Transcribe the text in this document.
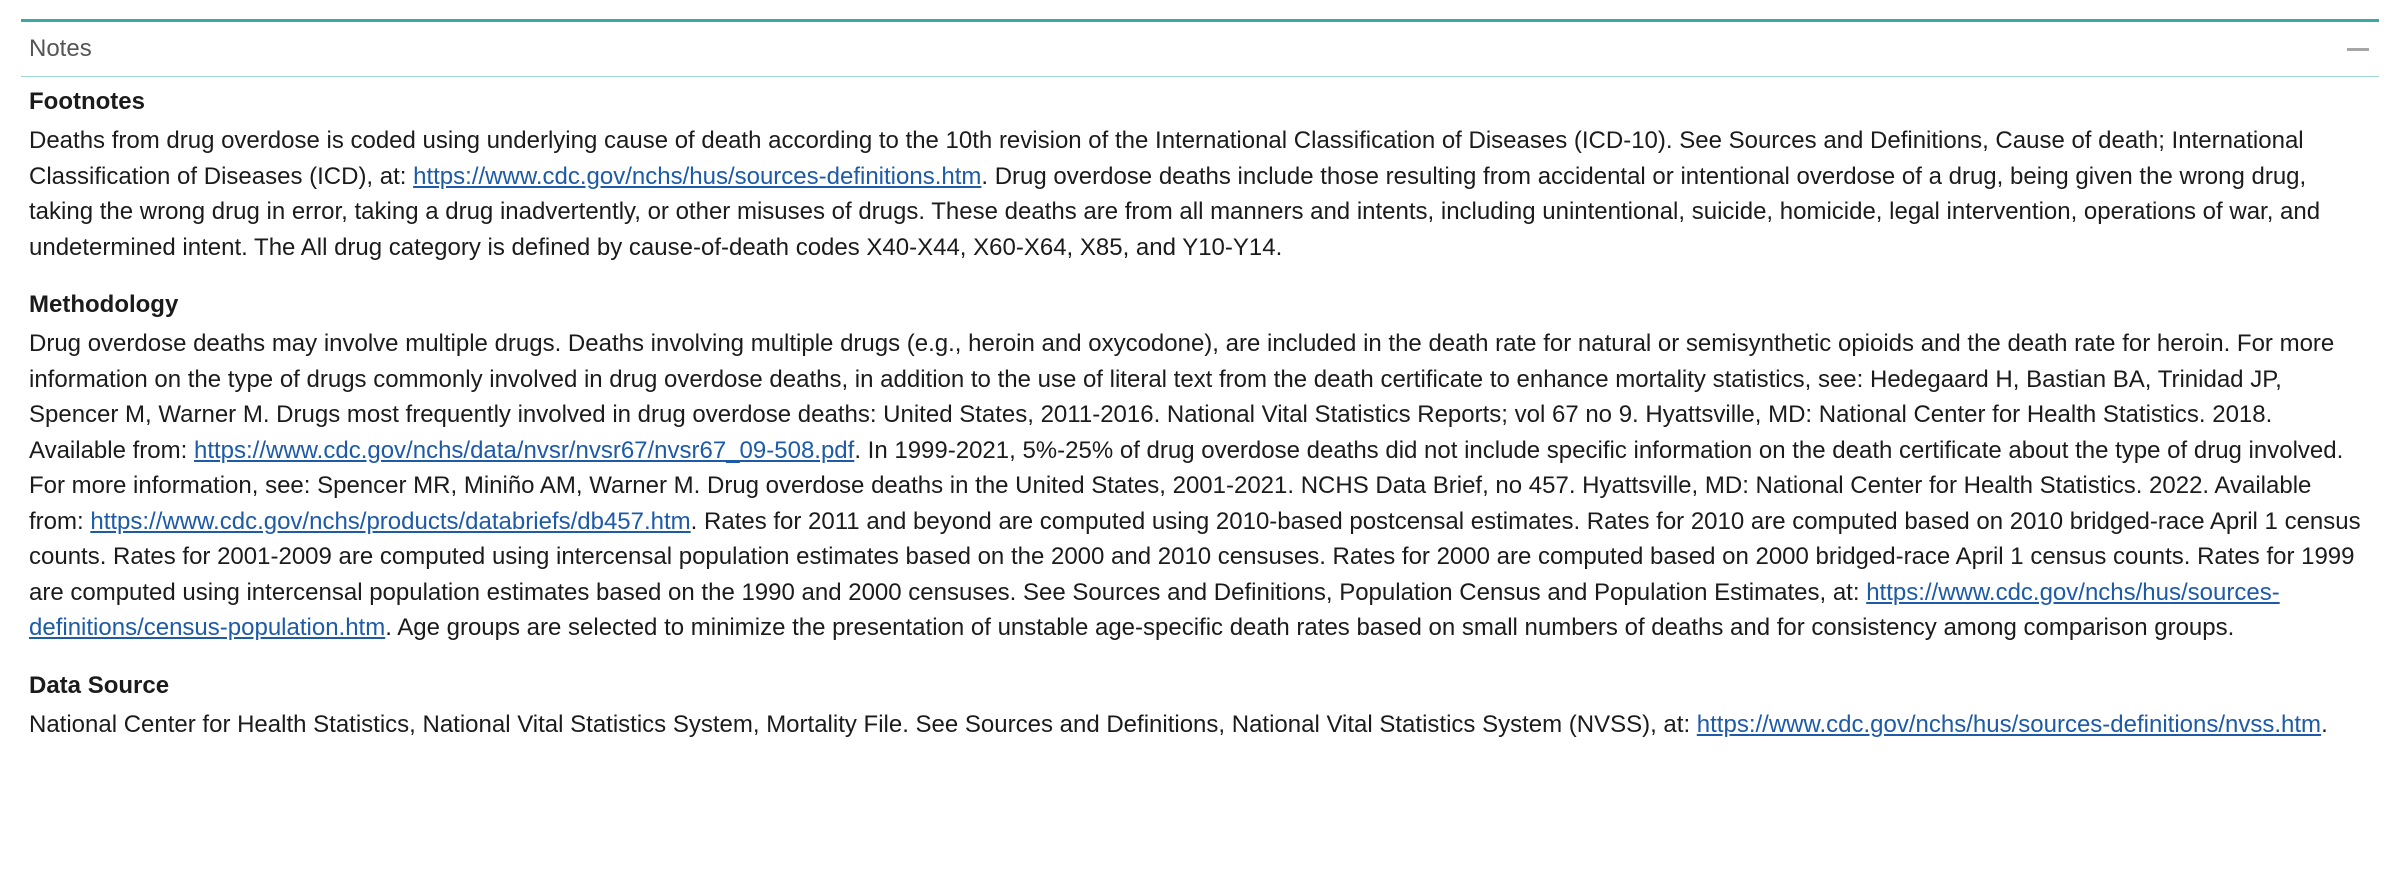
Notes
Footnotes

Deaths from drug overdose is coded using underlying cause of death according to the 10th revision of the International Classification of Diseases (ICD-10). See Sources and Definitions, Cause of death; International Classification of Diseases (ICD), at: https://www.cdc.gov/nchs/hus/sources-definitions.htm. Drug overdose deaths include those resulting from accidental or intentional overdose of a drug, being given the wrong drug, taking the wrong drug in error, taking a drug inadvertently, or other misuses of drugs. These deaths are from all manners and intents, including unintentional, suicide, homicide, legal intervention, operations of war, and undetermined intent. The All drug category is defined by cause-of-death codes X40-X44, X60-X64, X85, and Y10-Y14.

Methodology

Drug overdose deaths may involve multiple drugs. Deaths involving multiple drugs (e.g., heroin and oxycodone), are included in the death rate for natural or semisynthetic opioids and the death rate for heroin. For more information on the type of drugs commonly involved in drug overdose deaths, in addition to the use of literal text from the death certificate to enhance mortality statistics, see: Hedegaard H, Bastian BA, Trinidad JP, Spencer M, Warner M. Drugs most frequently involved in drug overdose deaths: United States, 2011-2016. National Vital Statistics Reports; vol 67 no 9. Hyattsville, MD: National Center for Health Statistics. 2018. Available from: https://www.cdc.gov/nchs/data/nvsr/nvsr67/nvsr67_09-508.pdf. In 1999-2021, 5%-25% of drug overdose deaths did not include specific information on the death certificate about the type of drug involved. For more information, see: Spencer MR, Miniño AM, Warner M. Drug overdose deaths in the United States, 2001-2021. NCHS Data Brief, no 457. Hyattsville, MD: National Center for Health Statistics. 2022. Available from: https://www.cdc.gov/nchs/products/databriefs/db457.htm. Rates for 2011 and beyond are computed using 2010-based postcensal estimates. Rates for 2010 are computed based on 2010 bridged-race April 1 census counts. Rates for 2001-2009 are computed using intercensal population estimates based on the 2000 and 2010 censuses. Rates for 2000 are computed based on 2000 bridged-race April 1 census counts. Rates for 1999 are computed using intercensal population estimates based on the 1990 and 2000 censuses. See Sources and Definitions, Population Census and Population Estimates, at: https://www.cdc.gov/nchs/hus/sources-definitions/census-population.htm. Age groups are selected to minimize the presentation of unstable age-specific death rates based on small numbers of deaths and for consistency among comparison groups.

Data Source

National Center for Health Statistics, National Vital Statistics System, Mortality File. See Sources and Definitions, National Vital Statistics System (NVSS), at: https://www.cdc.gov/nchs/hus/sources-definitions/nvss.htm.
